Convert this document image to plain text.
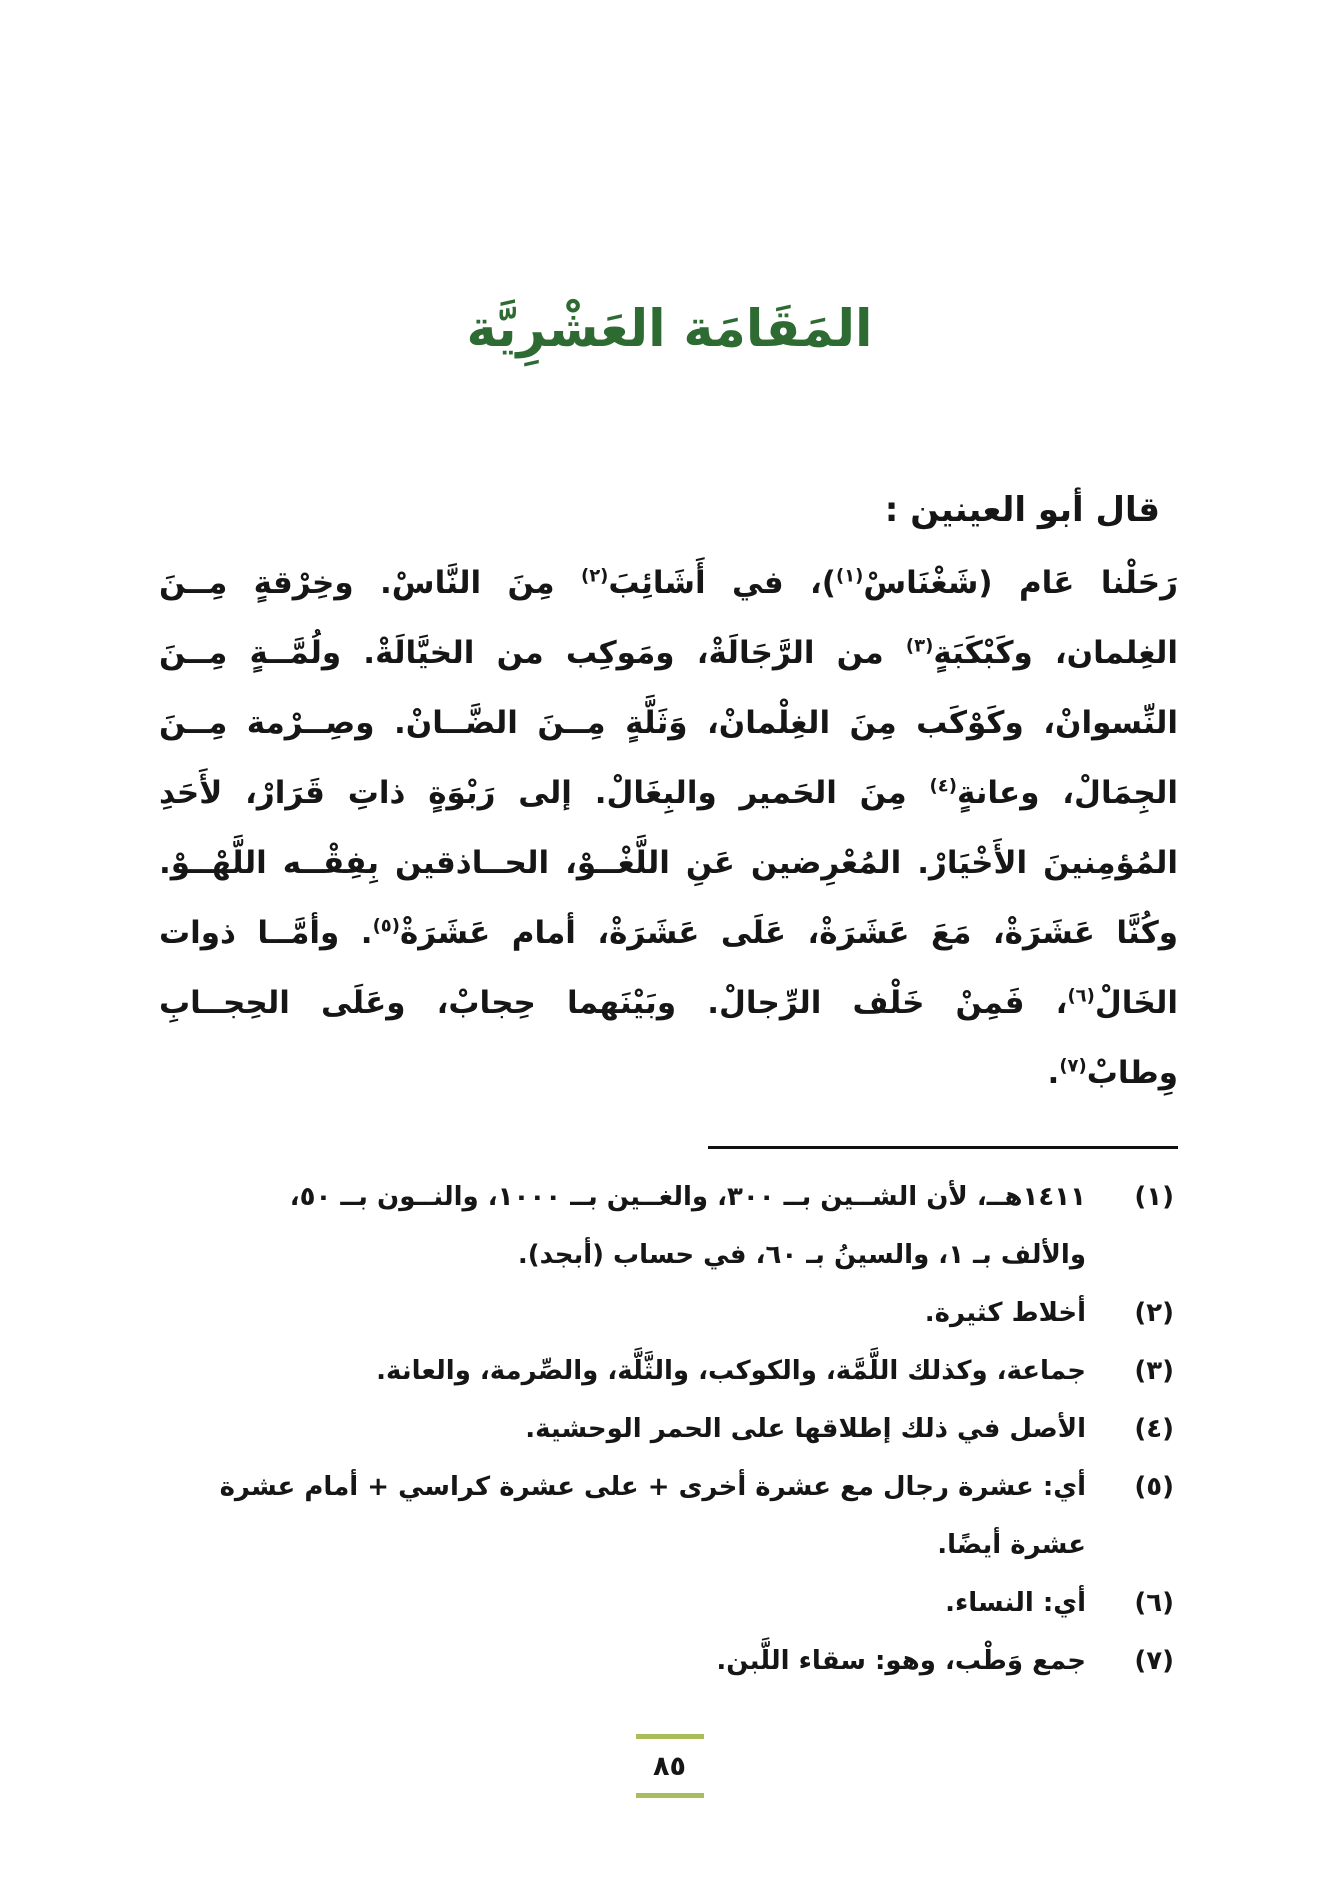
المَقَامَة العَشْرِيَّة

قال أبو العينين :

رَحَلْنا عَام (شَغْنَاسْ$^{(١)}$)، في أَشَائِبَ$^{(٢)}$ مِنَ النَّاسْ. وخِرْقةٍ مِــنَ
الغِلمان، وكَبْكَبَةٍ$^{(٣)}$ من الرَّجَالَةْ، ومَوكِب من الخيَّالَةْ. ولُمَّــةٍ مِــنَ
النِّسوانْ، وكَوْكَب مِنَ الغِلْمانْ، وَثَلَّةٍ مِــنَ الضَّــانْ. وصِــرْمة مِــنَ
الجِمَالْ، وعانةٍ$^{(٤)}$ مِنَ الحَمير والبِغَالْ. إلى رَبْوَةٍ ذاتِ قَرَارْ، لأَحَدِ
المُؤمِنينَ الأَخْيَارْ. المُعْرِضين عَنِ اللَّغْــوْ، الحــاذقين بِفِقْــه اللَّهْــوْ.
وكُنَّا عَشَرَةْ، مَعَ عَشَرَةْ، عَلَى عَشَرَةْ، أمام عَشَرَةْ$^{(٥)}$. وأمَّــا ذوات
الخَالْ$^{(٦)}$، فَمِنْ خَلْف الرِّجالْ. وبَيْنَهما حِجابْ، وعَلَى الحِجــابِ
وِطابْ$^{(٧)}$.
(١)
١٤١١هــ، لأن الشــين بــ ٣٠٠، والغــين بــ ١٠٠٠، والنــون بــ ٥٠،
والألف بـ ١، والسينُ بـ ٦٠، في حساب (أبجد).
(٢)
أخلاط كثيرة.
(٣)
جماعة، وكذلك اللَّمَّة، والكوكب، والثَّلَّة، والصِّرمة، والعانة.
(٤)
الأصل في ذلك إطلاقها على الحمر الوحشية.
(٥)
أي: عشرة رجال مع عشرة أخرى + على عشرة كراسي + أمام عشرة
عشرة أيضًا.
(٦)
أي: النساء.
(٧)
جمع وَطْب، وهو: سقاء اللَّبن.
٨٥
